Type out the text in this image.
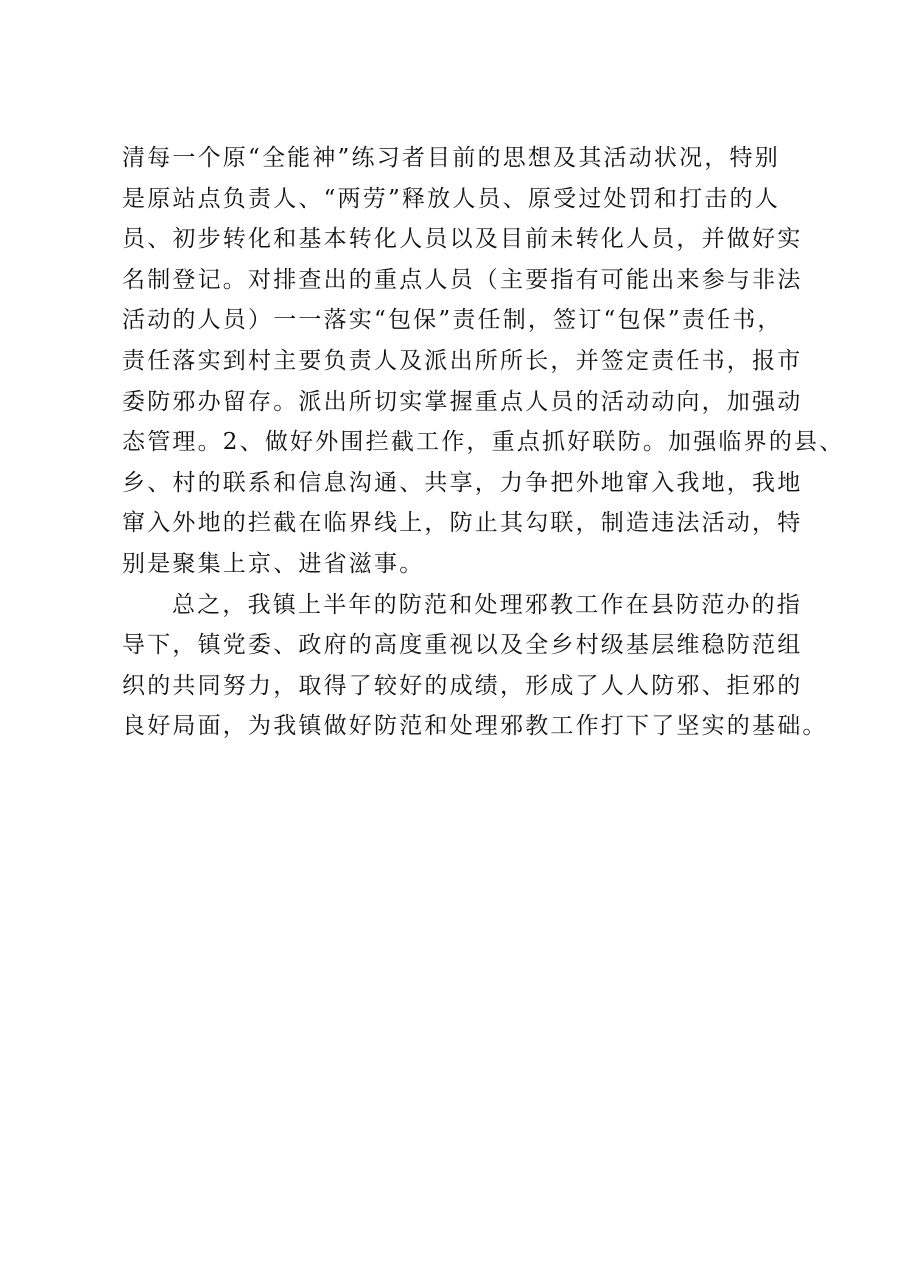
清每一个原“全能神”练习者目前的思想及其活动状况，特别
是原站点负责人、“两劳”释放人员、原受过处罚和打击的人
员、初步转化和基本转化人员以及目前未转化人员，并做好实
名制登记。对排查出的重点人员（主要指有可能出来参与非法
活动的人员）一一落实“包保”责任制，签订“包保”责任书，
责任落实到村主要负责人及派出所所长，并签定责任书，报市
委防邪办留存。派出所切实掌握重点人员的活动动向，加强动
态管理。2、做好外围拦截工作，重点抓好联防。加强临界的县、
乡、村的联系和信息沟通、共享，力争把外地窜入我地，我地
窜入外地的拦截在临界线上，防止其勾联，制造违法活动，特
别是聚集上京、进省滋事。
总之，我镇上半年的防范和处理邪教工作在县防范办的指
导下，镇党委、政府的高度重视以及全乡村级基层维稳防范组
织的共同努力，取得了较好的成绩，形成了人人防邪、拒邪的
良好局面，为我镇做好防范和处理邪教工作打下了坚实的基础。
